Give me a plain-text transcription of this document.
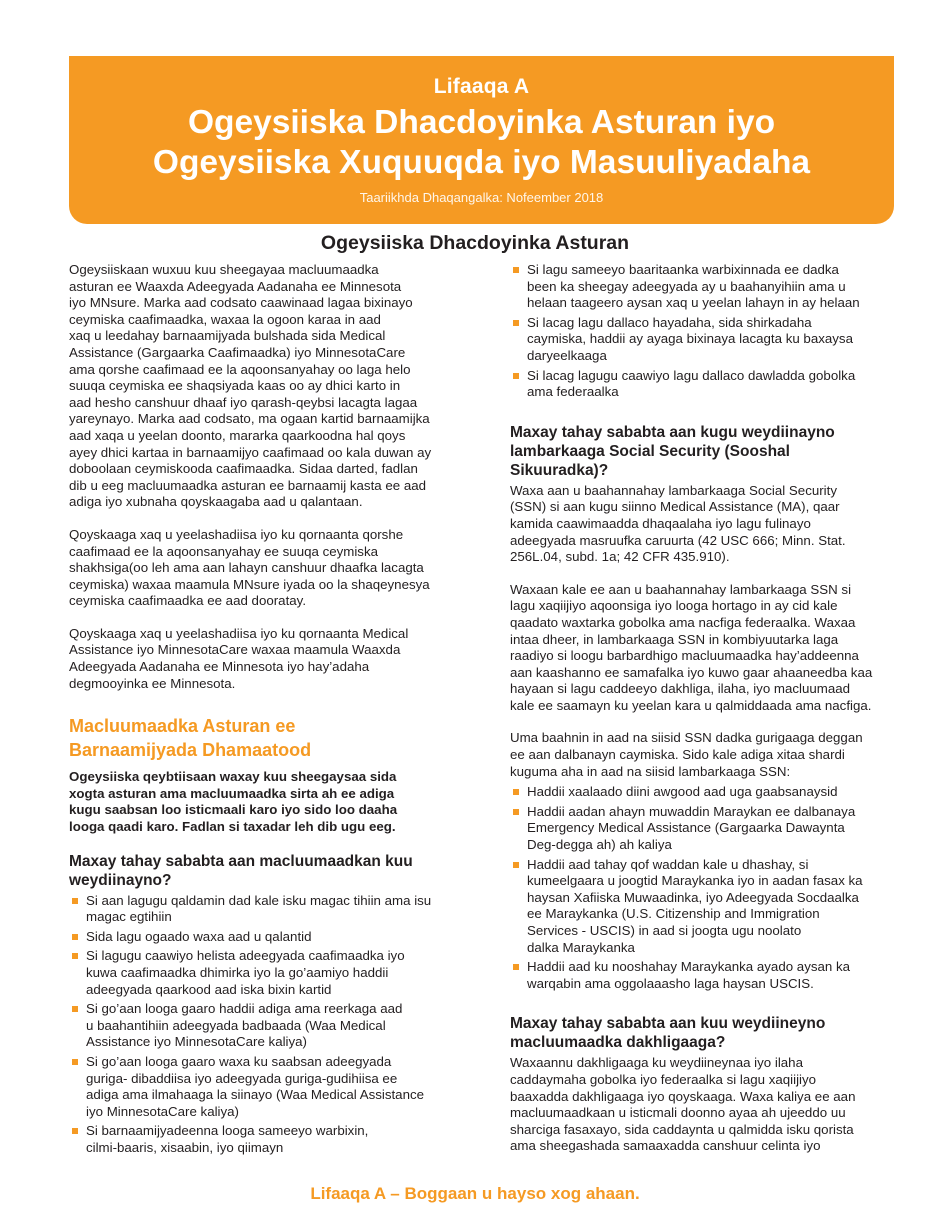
Lifaaqa A
Ogeysiiska Dhacdoyinka Asturan iyo
Ogeysiiska Xuquuqda iyo Masuuliyadaha
Taariikhda Dhaqangalka: Nofeember 2018
Ogeysiiska Dhacdoyinka Asturan

Ogeysiiskaan wuxuu kuu sheegayaa macluumaadka
asturan ee Waaxda Adeegyada Aadanaha ee Minnesota
iyo MNsure. Marka aad codsato caawinaad lagaa bixinayo
ceymiska caafimaadka, waxaa la ogoon karaa in aad
xaq u leedahay barnaamijyada bulshada sida Medical
Assistance (Gargaarka Caafimaadka) iyo MinnesotaCare
ama qorshe caafimaad ee la aqoonsanyahay oo laga helo
suuqa ceymiska ee shaqsiyada kaas oo ay dhici karto in
aad hesho canshuur dhaaf iyo qarash-qeybsi lacagta lagaa
yareynayo. Marka aad codsato, ma ogaan kartid barnaamijka
aad xaqa u yeelan doonto, mararka qaarkoodna hal qoys
ayey dhici kartaa in barnaamijyo caafimaad oo kala duwan ay
doboolaan ceymiskooda caafimaadka. Sidaa darted, fadlan
dib u eeg macluumaadka asturan ee barnaamij kasta ee aad
adiga iyo xubnaha qoyskaagaba aad u qalantaan.

Qoyskaaga xaq u yeelashadiisa iyo ku qornaanta qorshe
caafimaad ee la aqoonsanyahay ee suuqa ceymiska
shakhsiga(oo leh ama aan lahayn canshuur dhaafka lacagta
ceymiska) waxaa maamula MNsure iyada oo la shaqeynesya
ceymiska caafimaadka ee aad dooratay.

Qoyskaaga xaq u yeelashadiisa iyo ku qornaanta Medical
Assistance iyo MinnesotaCare waxaa maamula Waaxda
Adeegyada Aadanaha ee Minnesota iyo hay’adaha
degmooyinka ee Minnesota.

Macluumaadka Asturan ee
Barnaamijyada Dhamaatood

Ogeysiiska qeybtiisaan waxay kuu sheegaysaa sida
xogta asturan ama macluumaadka sirta ah ee adiga
kugu saabsan loo isticmaali karo iyo sido loo daaha
looga qaadi karo. Fadlan si taxadar leh dib ugu eeg.

Maxay tahay sababta aan macluumaadkan kuu
weydiinayno?
Si aan lagugu qaldamin dad kale isku magac tihiin ama isu
magac egtihiin
Sida lagu ogaado waxa aad u qalantid
Si lagugu caawiyo helista adeegyada caafimaadka iyo
kuwa caafimaadka dhimirka iyo la go’aamiyo haddii
adeegyada qaarkood aad iska bixin kartid
Si go’aan looga gaaro haddii adiga ama reerkaga aad
u baahantihiin adeegyada badbaada (Waa Medical
Assistance iyo MinnesotaCare kaliya)
Si go’aan looga gaaro waxa ku saabsan adeegyada
guriga- dibaddiisa iyo adeegyada guriga-gudihiisa ee
adiga ama ilmahaaga la siinayo (Waa Medical Assistance
iyo MinnesotaCare kaliya)
Si barnaamijyadeenna looga sameeyo warbixin,
cilmi-baaris, xisaabin, iyo qiimayn
Si lagu sameeyo baaritaanka warbixinnada ee dadka
been ka sheegay adeegyada ay u baahanyihiin ama u
helaan taageero aysan xaq u yeelan lahayn in ay helaan
Si lacag lagu dallaco hayadaha, sida shirkadaha
caymiska, haddii ay ayaga bixinaya lacagta ku baxaysa
daryeelkaaga
Si lacag lagugu caawiyo lagu dallaco dawladda gobolka
ama federaalka
Maxay tahay sababta aan kugu weydiinayno
lambarkaaga Social Security (Sooshal
Sikuuradka)?

Waxa aan u baahannahay lambarkaaga Social Security
(SSN) si aan kugu siinno Medical Assistance (MA), qaar
kamida caawimaadda dhaqaalaha iyo lagu fulinayo
adeegyada masruufka caruurta (42 USC 666; Minn. Stat.
256L.04, subd. 1a; 42 CFR 435.910).

Waxaan kale ee aan u baahannahay lambarkaaga SSN si
lagu xaqiijiyo aqoonsiga iyo looga hortago in ay cid kale
qaadato waxtarka gobolka ama nacfiga federaalka. Waxaa
intaa dheer, in lambarkaaga SSN in kombiyuutarka laga
raadiyo si loogu barbardhigo macluumaadka hay’addeenna
aan kaashanno ee samafalka iyo kuwo gaar ahaaneedba kaa
hayaan si lagu caddeeyo dakhliga, ilaha, iyo macluumaad
kale ee saamayn ku yeelan kara u qalmiddaada ama nacfiga.

Uma baahnin in aad na siisid SSN dadka gurigaaga deggan
ee aan dalbanayn caymiska. Sido kale adiga xitaa shardi
kuguma aha in aad na siisid lambarkaaga SSN:

Haddii xaalaado diini awgood aad uga gaabsanaysid
Haddii aadan ahayn muwaddin Maraykan ee dalbanaya
Emergency Medical Assistance (Gargaarka Dawaynta
Deg-degga ah) ah kaliya
Haddii aad tahay qof waddan kale u dhashay, si
kumeelgaara u joogtid Maraykanka iyo in aadan fasax ka
haysan Xafiiska Muwaadinka, iyo Adeegyada Socdaalka
ee Maraykanka (U.S. Citizenship and Immigration
Services - USCIS) in aad si joogta ugu noolato
dalka Maraykanka
Haddii aad ku nooshahay Maraykanka ayado aysan ka
warqabin ama oggolaaasho laga haysan USCIS.
Maxay tahay sababta aan kuu weydiineyno
macluumaadka dakhligaaga?

Waxaannu dakhligaaga ku weydiineynaa iyo ilaha
caddaymaha gobolka iyo federaalka si lagu xaqiijiyo
baaxadda dakhligaaga iyo qoyskaaga. Waxa kaliya ee aan
macluumaadkaan u isticmali doonno ayaa ah ujeeddo uu
sharciga fasaxayo, sida caddaynta u qalmidda isku qorista
ama sheegashada samaaxadda canshuur celinta iyo

Lifaaqa A – Boggaan u hayso xog ahaan.
